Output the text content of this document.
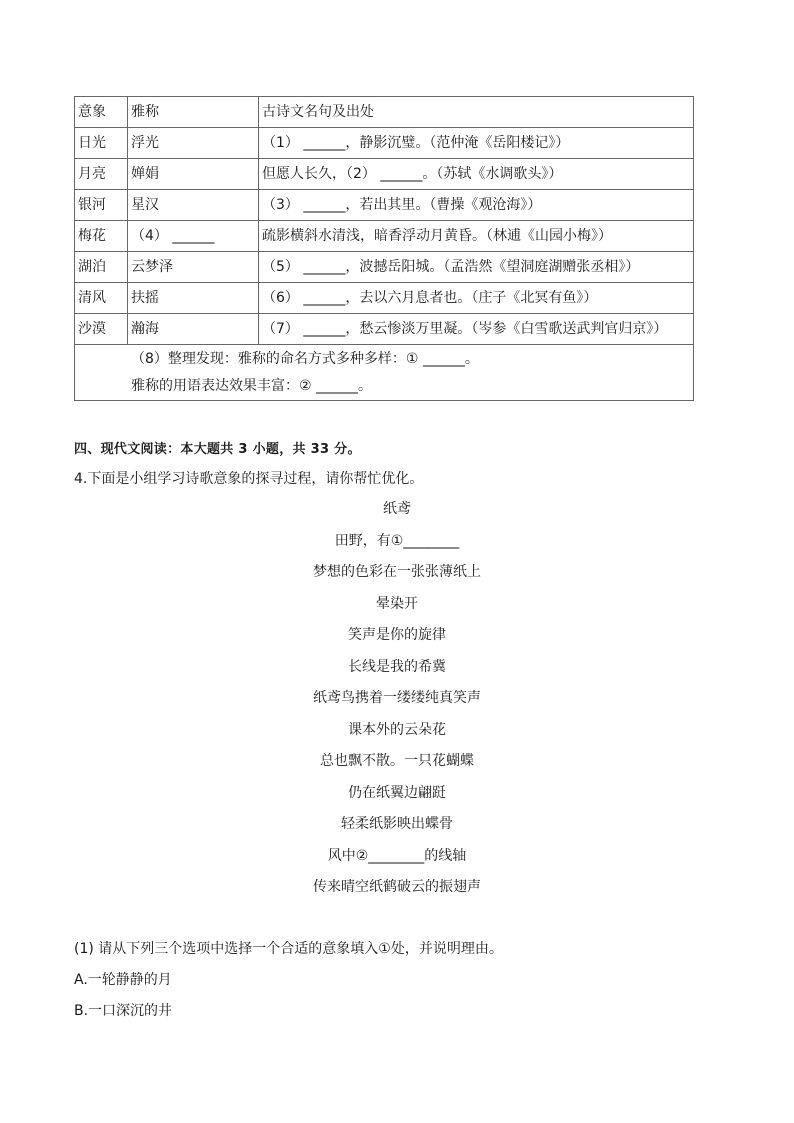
意象	雅称	古诗文名句及出处
日光	浮光	（1） ______，静影沉璧。（范仲淹《岳阳楼记》）
月亮	婵娟	但愿人长久，（2） ______。（苏轼《水调歌头》）
银河	星汉	（3） ______，若出其里。（曹操《观沧海》）
梅花	（4） ______	疏影横斜水清浅，暗香浮动月黄昏。（林逋《山园小梅》）
湖泊	云梦泽	（5） ______，波撼岳阳城。（孟浩然《望洞庭湖赠张丞相》）
清风	扶摇	（6） ______，去以六月息者也。（庄子《北冥有鱼》）
沙漠	瀚海	（7） ______，愁云惨淡万里凝。（岑参《白雪歌送武判官归京》）

（8）整理发现：雅称的命名方式多种多样：① ______。
雅称的用语表达效果丰富：② ______。		
四、现代文阅读：本大题共 3 小题，共 33 分。
4.下面是小组学习诗歌意象的探寻过程，请你帮忙优化。
纸鸢
田野，有①________
梦想的色彩在一张张薄纸上
晕染开
笑声是你的旋律
长线是我的希冀
纸鸢鸟携着一缕缕纯真笑声
课本外的云朵花
总也飘不散。一只花蝴蝶
仍在纸翼边翩跹
轻柔纸影映出蝶骨
风中②________的线轴
传来晴空纸鹤破云的振翅声
(1) 请从下列三个选项中选择一个合适的意象填入①处，并说明理由。
A.一轮静静的月
B.一口深沉的井
